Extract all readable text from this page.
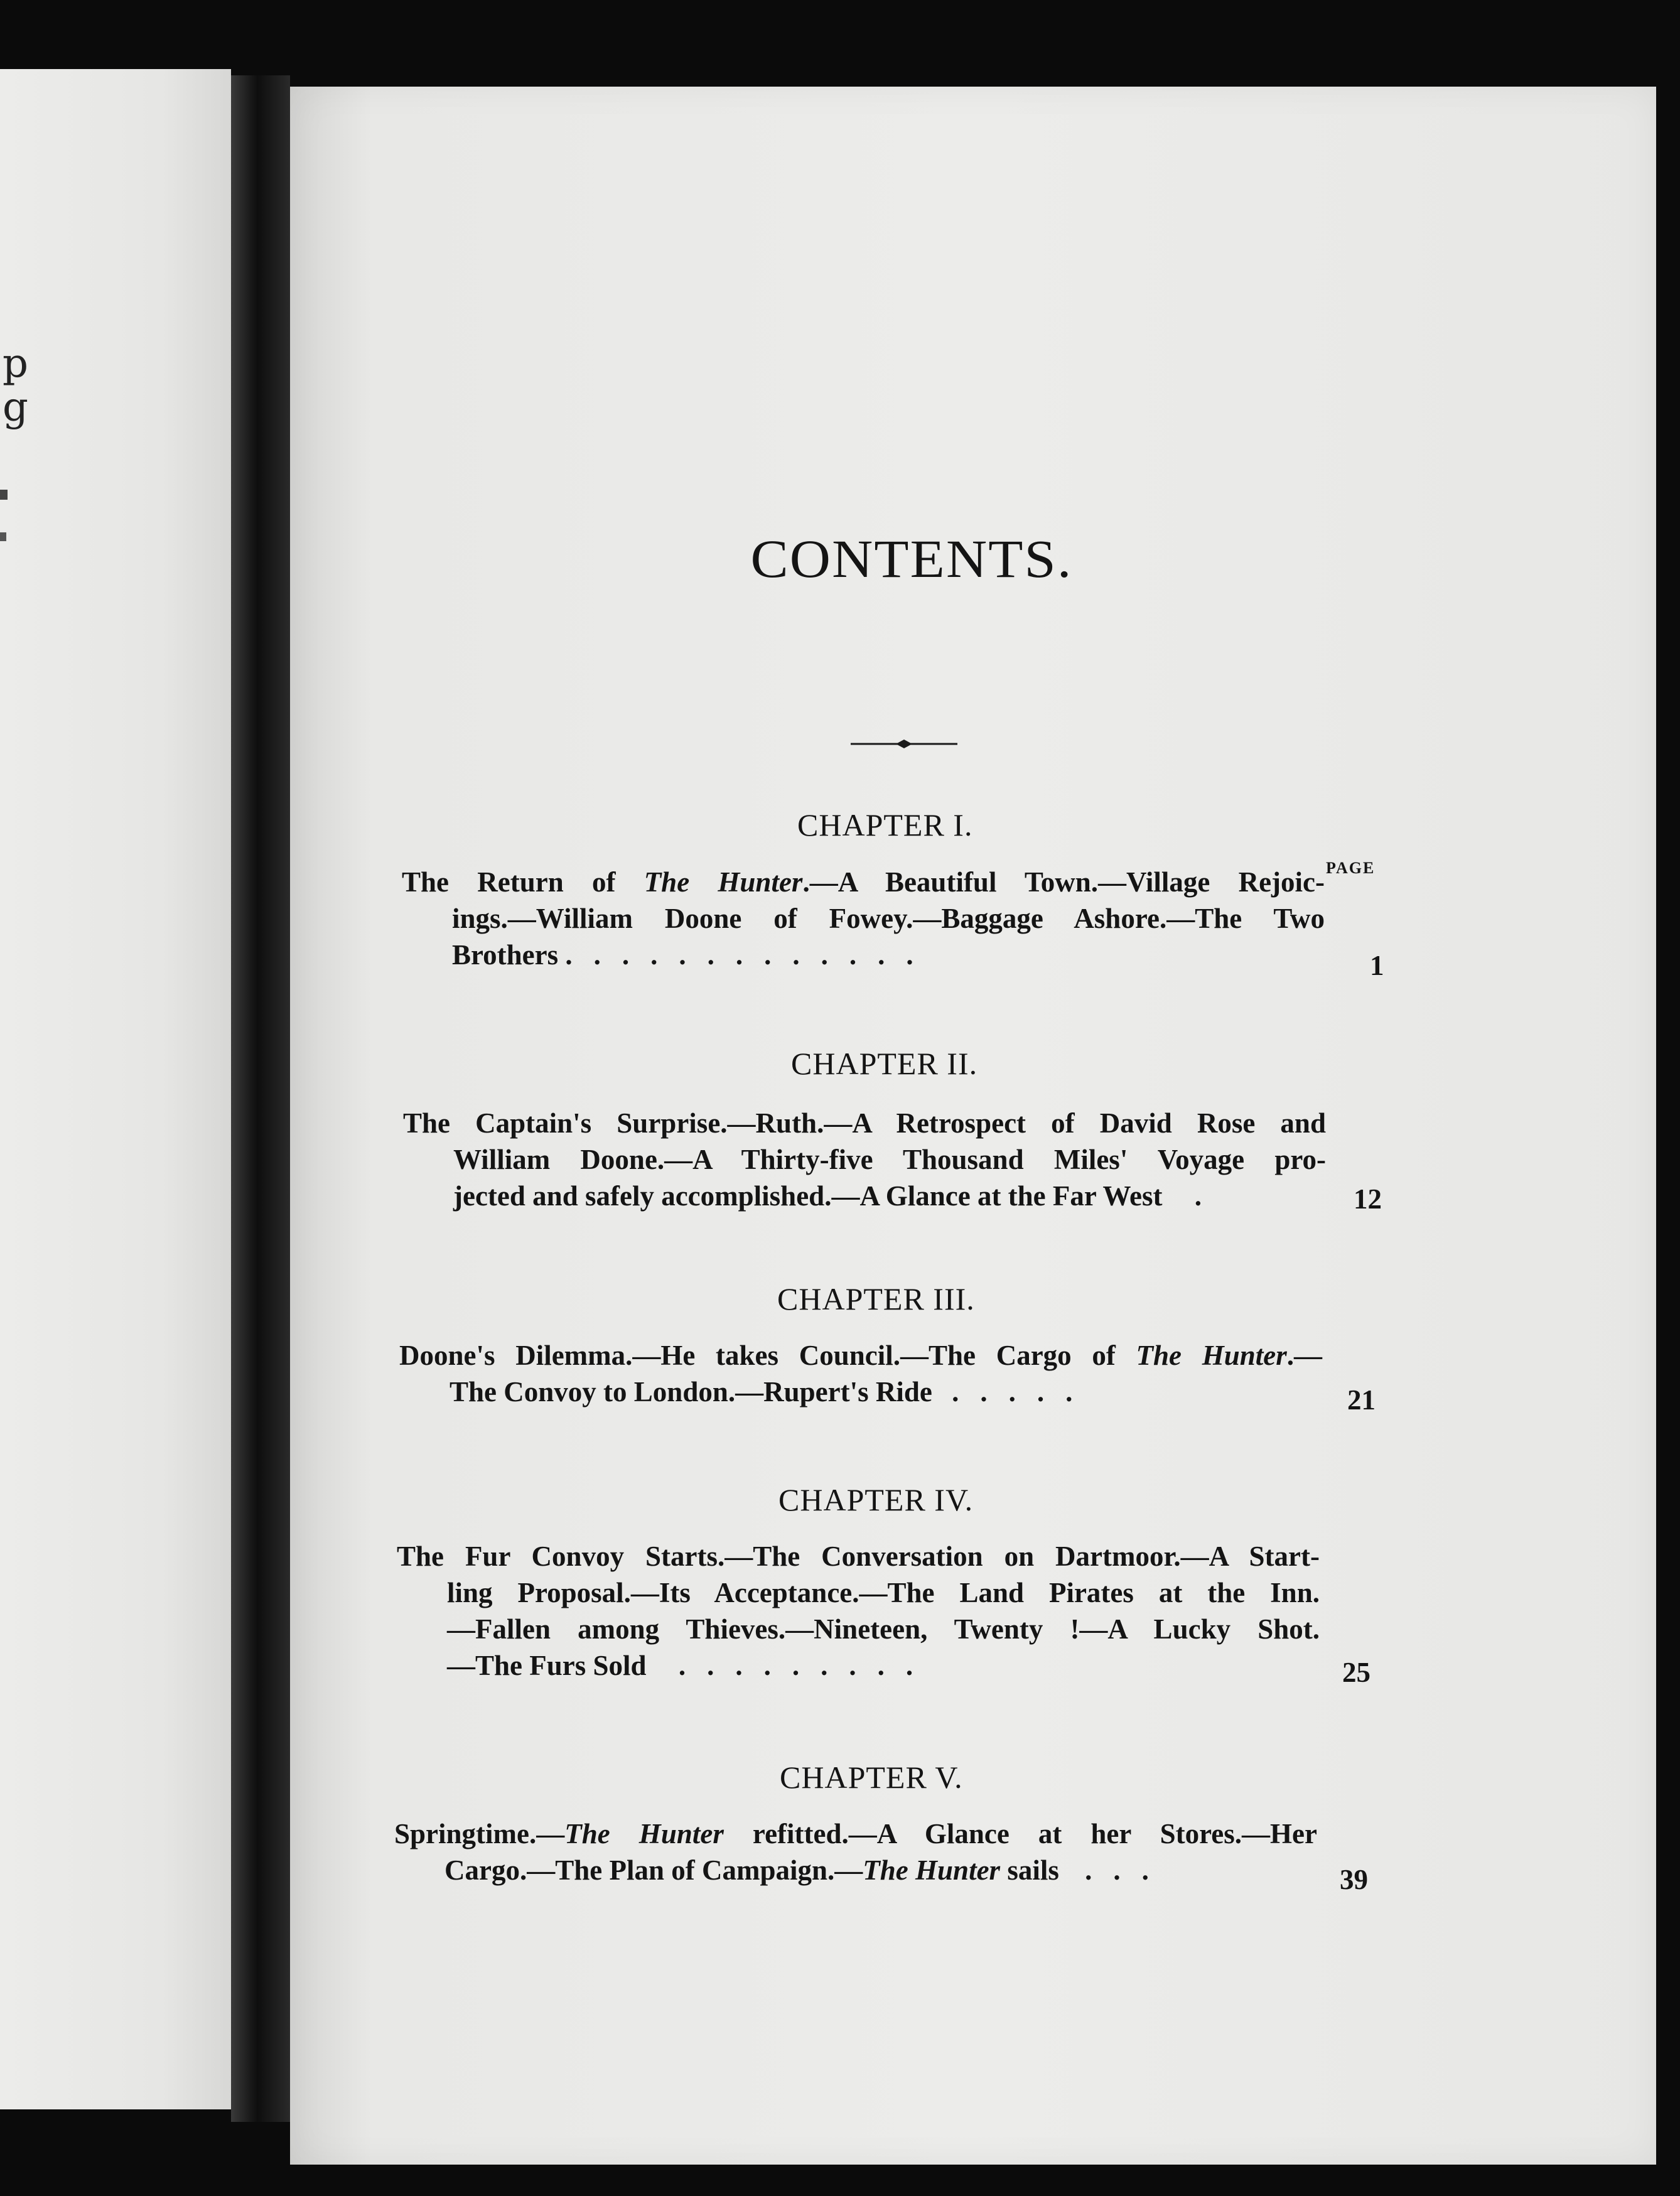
p
g
CONTENTS.
PAGE
CHAPTER I.
The Return of The Hunter.—A Beautiful Town.—Village Rejoic-
ings.—William Doone of Fowey.—Baggage Ashore.—The Two
Brothers .............	1
CHAPTER II.
The Captain's Surprise.—Ruth.—A Retrospect of David Rose and
William Doone.—A Thirty-five Thousand Miles' Voyage pro-
jected and safely accomplished.—A Glance at the Far West .	12
CHAPTER III.
Doone's Dilemma.—He takes Council.—The Cargo of The Hunter.—
The Convoy to London.—Rupert's Ride .....	21
CHAPTER IV.
The Fur Convoy Starts.—The Conversation on Dartmoor.—A Start-
ling Proposal.—Its Acceptance.—The Land Pirates at the Inn.
—Fallen among Thieves.—Nineteen, Twenty !—A Lucky Shot.
—The Furs Sold .........	25
CHAPTER V.
Springtime.—The Hunter refitted.—A Glance at her Stores.—Her
Cargo.—The Plan of Campaign.—The Hunter sails ...	39
